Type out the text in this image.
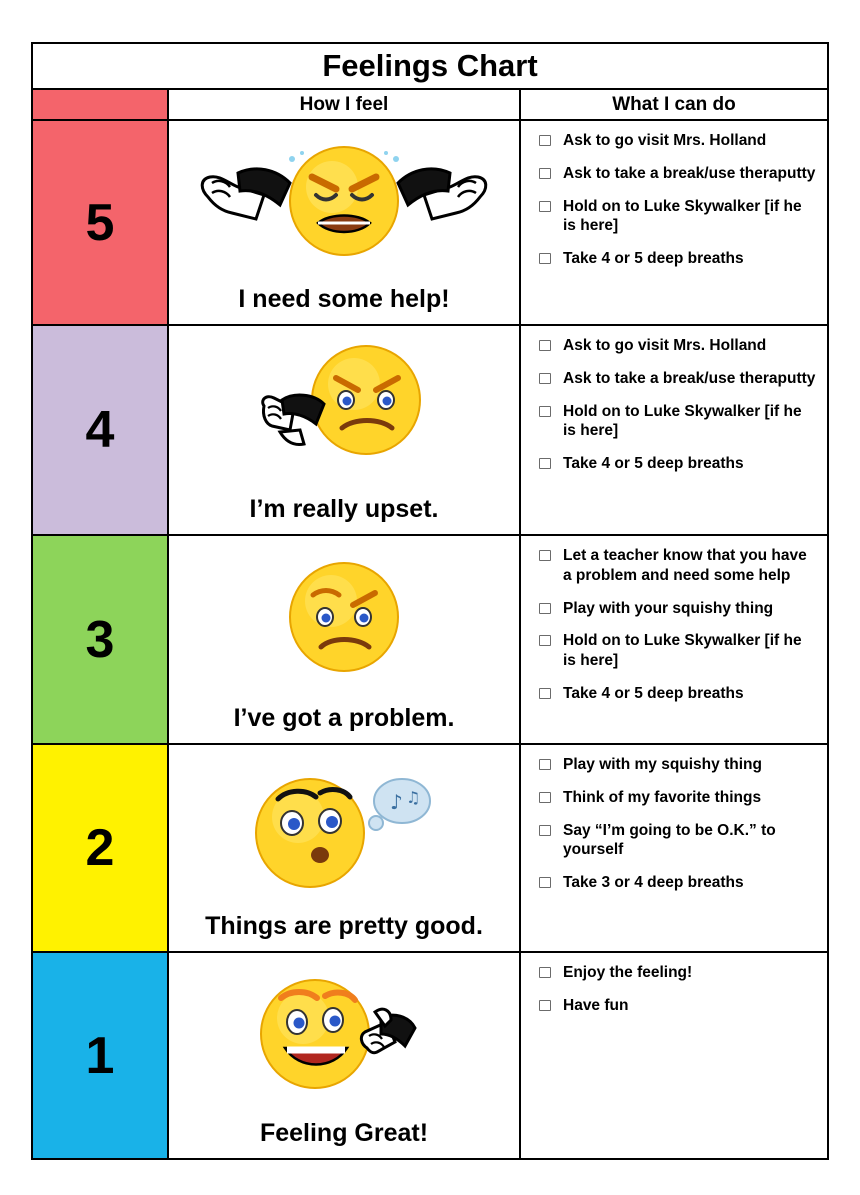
Feelings Chart
How I feel	What I can do
5
I need some help!
Ask to go visit Mrs. Holland
Ask to take a break/use theraputty
Hold on to Luke Skywalker [if he is here]
Take 4 or 5 deep breaths
4
I’m really upset.
Ask to go visit Mrs. Holland
Ask to take a break/use theraputty
Hold on to Luke Skywalker [if he is here]
Take 4 or 5 deep breaths
3
I’ve got a problem.
Let a teacher know that you have a problem and need some help
Play with your squishy thing
Hold on to Luke Skywalker [if he is here]
Take 4 or 5 deep breaths
2
♪ ♫
Things are pretty good.
Play with my squishy thing
Think of my favorite things
Say “I’m going to be O.K.” to yourself
Take 3 or 4 deep breaths
1
Feeling Great!
Enjoy the feeling!
Have fun
